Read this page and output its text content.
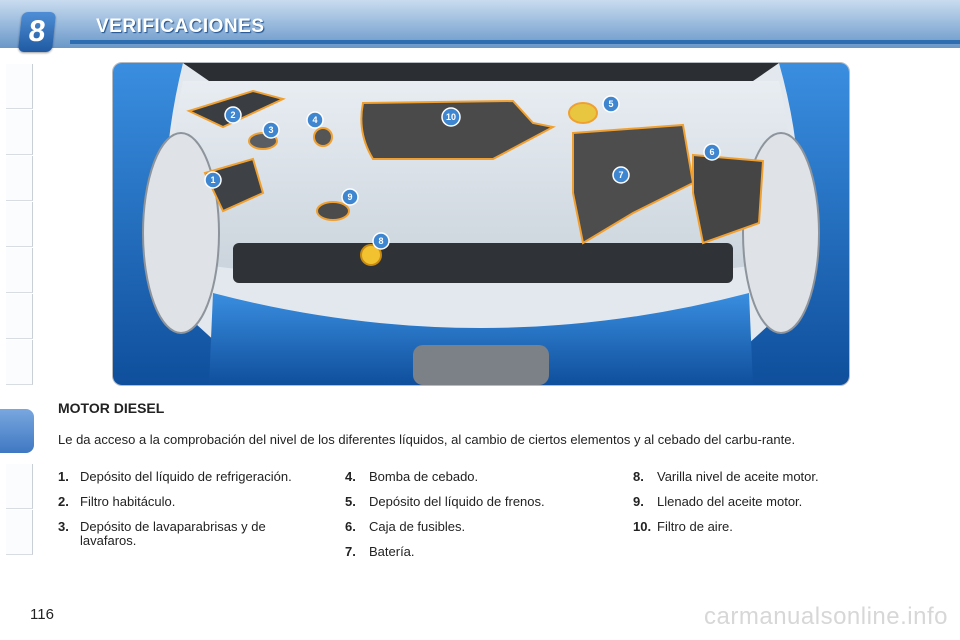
8	VERIFICACIONES
1
2
3
4
5
6
7
8
9
10
MOTOR DIESEL
Le da acceso a la comprobación del nivel de los diferentes líquidos, al cambio de ciertos elementos y al cebado del carbu-rante.
1. Depósito del líquido de refrigeración.
2. Filtro habitáculo.
3. Depósito de lavaparabrisas y de lavafaros.
4.	Bomba de cebado.
5.	Depósito del líquido de frenos.
6.	Caja de fusibles.
7.	Batería.
8.	Varilla nivel de aceite motor.
9.	Llenado del aceite motor.
10. Filtro de aire.
116	carmanualsonline.info
